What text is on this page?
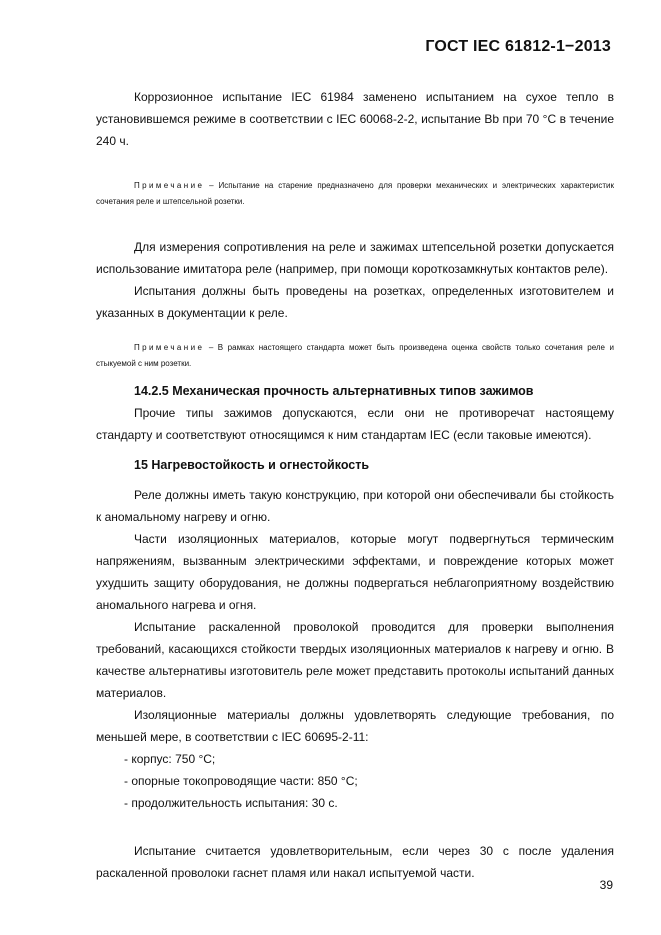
ГОСТ IEC 61812-1−2013

Коррозионное испытание IEC 61984 заменено испытанием на сухое тепло в установившемся режиме в соответствии с IEC 60068-2-2, испытание Bb при 70 °C в течение 240 ч.

Примечание – Испытание на старение предназначено для проверки механических и электрических характеристик сочетания реле и штепсельной розетки.

Для измерения сопротивления на реле и зажимах штепсельной розетки допускается использование имитатора реле (например, при помощи короткозамкнутых контактов реле).

Испытания должны быть проведены на розетках, определенных изготовителем и указанных в документации к реле.

Примечание – В рамках настоящего стандарта может быть произведена оценка свойств только сочетания реле и стыкуемой с ним розетки.

14.2.5 Механическая прочность альтернативных типов зажимов

Прочие типы зажимов допускаются, если они не противоречат настоящему стандарту и соответствуют относящимся к ним стандартам IEC (если таковые имеются).

15 Нагревостойкость и огнестойкость

Реле должны иметь такую конструкцию, при которой они обеспечивали бы стойкость к аномальному нагреву и огню.

Части изоляционных материалов, которые могут подвергнуться термическим напряжениям, вызванным электрическими эффектами, и повреждение которых может ухудшить защиту оборудования, не должны подвергаться неблагоприятному воздействию аномального нагрева и огня.

Испытание раскаленной проволокой проводится для проверки выполнения требований, касающихся стойкости твердых изоляционных материалов к нагреву и огню. В качестве альтернативы изготовитель реле может представить протоколы испытаний данных материалов.

Изоляционные материалы должны удовлетворять следующие требования, по меньшей мере, в соответствии с IEC 60695-2-11:

- корпус: 750 °C;
- опорные токопроводящие части: 850 °C;
- продолжительность испытания: 30 с.

Испытание считается удовлетворительным, если через 30 с после удаления раскаленной проволоки гаснет пламя или накал испытуемой части.

39
